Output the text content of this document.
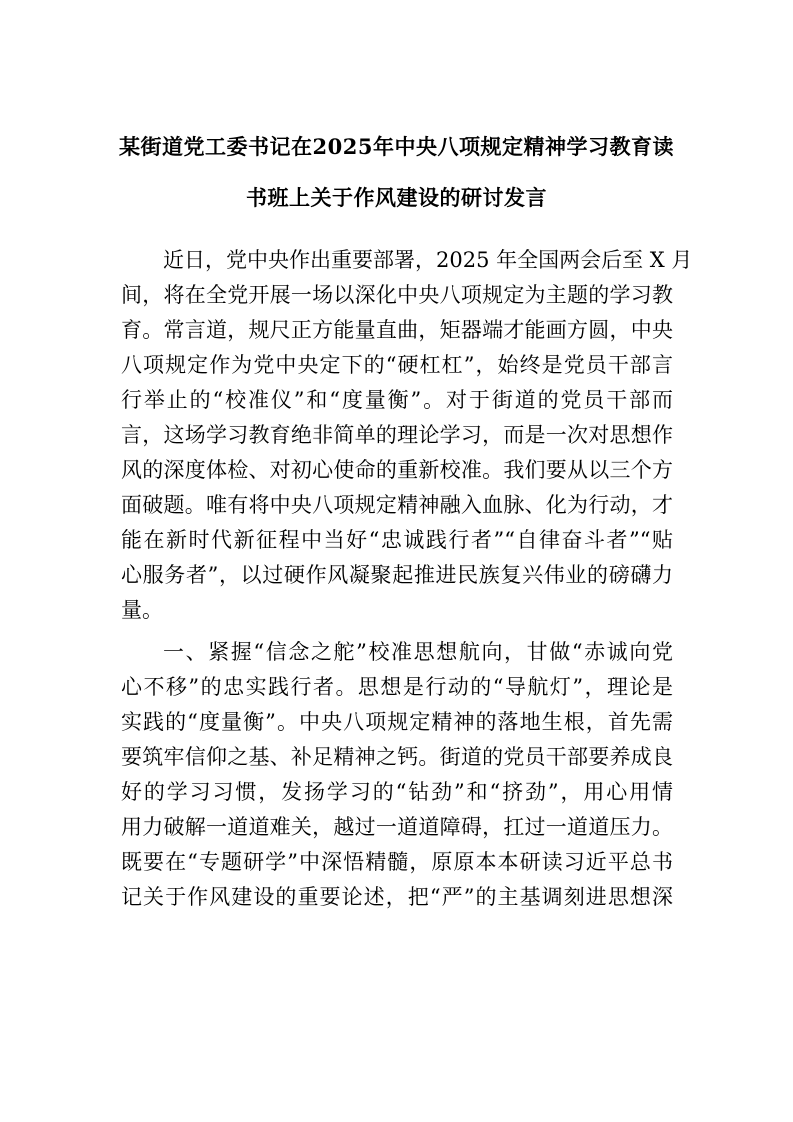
某街道党工委书记在2025年中央八项规定精神学习教育读
书班上关于作风建设的研讨发言
近日，党中央作出重要部署，2025 年全国两会后至 X 月
间，将在全党开展一场以深化中央八项规定为主题的学习教
育。常言道，规尺正方能量直曲，矩器端才能画方圆，中央
八项规定作为党中央定下的“硬杠杠”，始终是党员干部言
行举止的“校准仪”和“度量衡”。对于街道的党员干部而
言，这场学习教育绝非简单的理论学习，而是一次对思想作
风的深度体检、对初心使命的重新校准。我们要从以三个方
面破题。唯有将中央八项规定精神融入血脉、化为行动，才
能在新时代新征程中当好“忠诚践行者”“自律奋斗者”“贴
心服务者”，以过硬作风凝聚起推进民族复兴伟业的磅礴力
量。
一、紧握“信念之舵”校准思想航向，甘做“赤诚向党
心不移”的忠实践行者。思想是行动的“导航灯”，理论是
实践的“度量衡”。中央八项规定精神的落地生根，首先需
要筑牢信仰之基、补足精神之钙。街道的党员干部要养成良
好的学习习惯，发扬学习的“钻劲”和“挤劲”，用心用情
用力破解一道道难关，越过一道道障碍，扛过一道道压力。
既要在“专题研学”中深悟精髓，原原本本研读习近平总书
记关于作风建设的重要论述，把“严”的主基调刻进思想深
